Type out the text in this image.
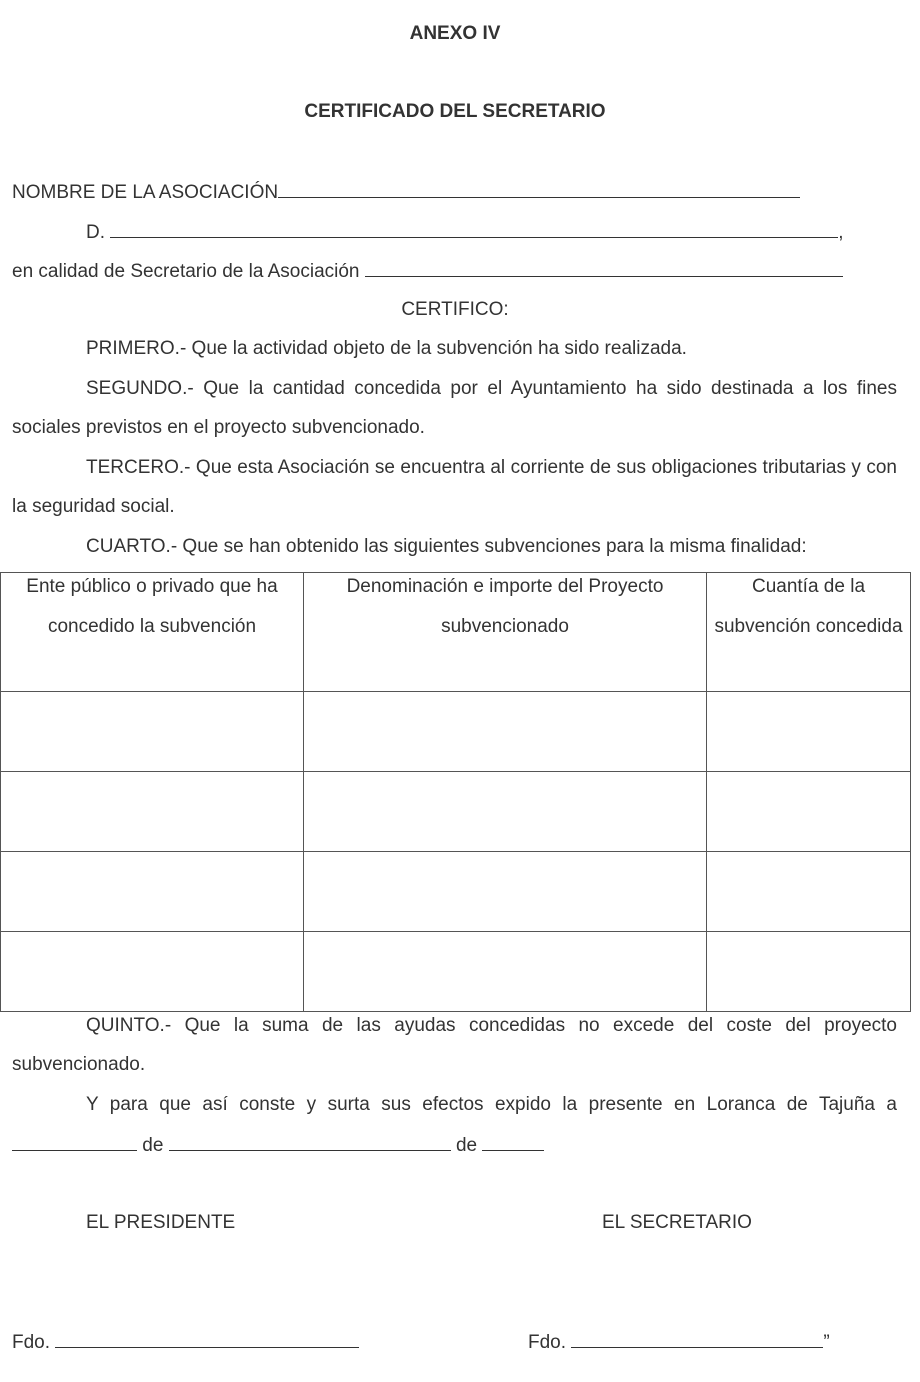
ANEXO IV
CERTIFICADO DEL SECRETARIO
NOMBRE DE LA ASOCIACIÓN
D.	,
en calidad de Secretario de la Asociación
CERTIFICO:
PRIMERO.- Que la actividad objeto de la subvención ha sido realizada.
SEGUNDO.- Que la cantidad concedida por el Ayuntamiento ha sido destinada a los fines
sociales previstos en el proyecto subvencionado.
TERCERO.- Que esta Asociación se encuentra al corriente de sus obligaciones tributarias y con
la seguridad social.
CUARTO.- Que se han obtenido las siguientes subvenciones para la misma finalidad:
Ente público o privado que ha concedido la subvención	Denominación e importe del Proyecto subvencionado	Cuantía de la subvención concedida

QUINTO.- Que la suma de las ayudas concedidas no excede del coste del proyecto
subvencionado.
Y para que así conste y surta sus efectos expido la presente en Loranca de Tajuña a
de	de
EL PRESIDENTE	EL SECRETARIO
Fdo.	Fdo.	”
